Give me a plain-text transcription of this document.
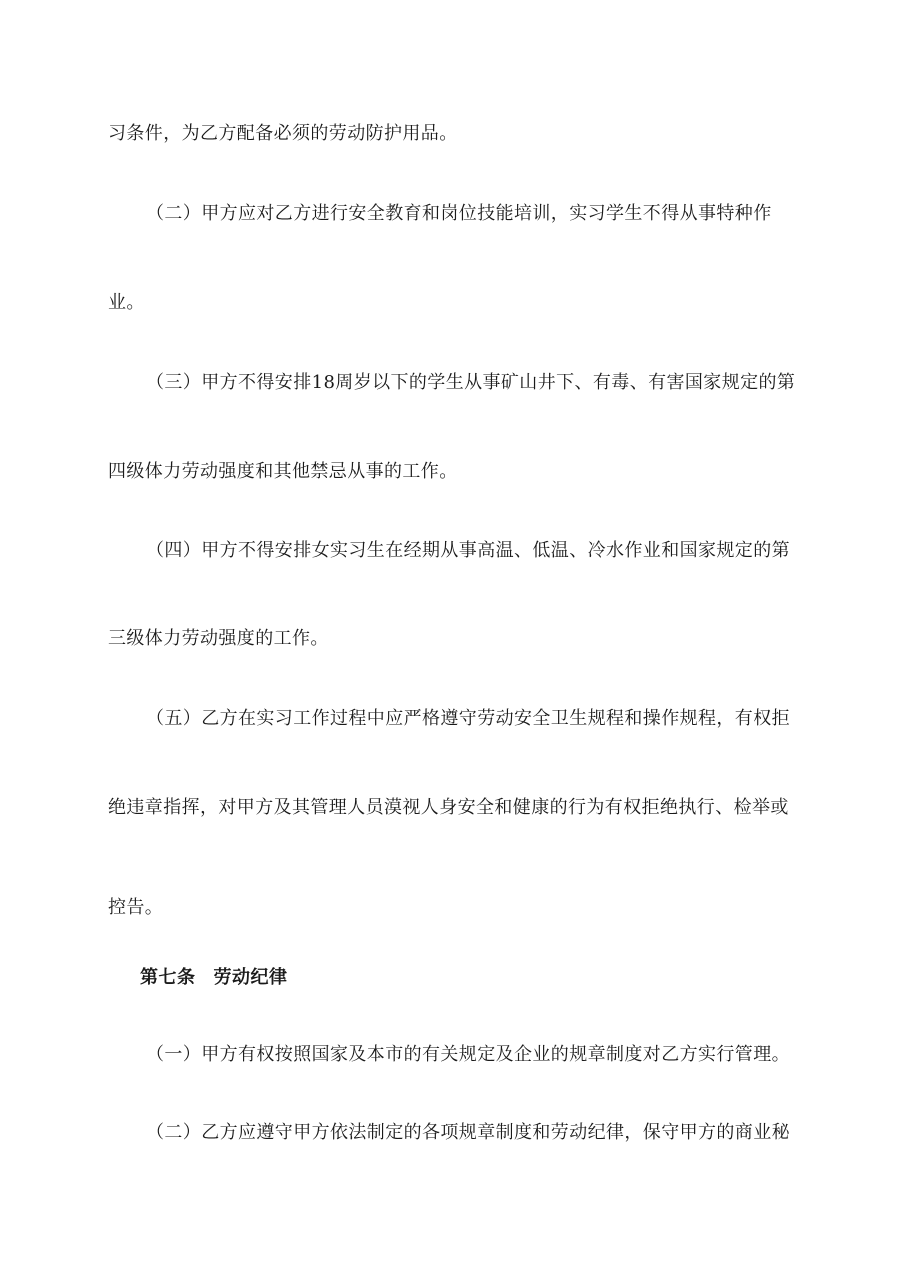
习条件，为乙方配备必须的劳动防护用品。
（二）甲方应对乙方进行安全教育和岗位技能培训，实习学生不得从事特种作
业。
（三）甲方不得安排18周岁以下的学生从事矿山井下、有毒、有害国家规定的第
四级体力劳动强度和其他禁忌从事的工作。
（四）甲方不得安排女实习生在经期从事高温、低温、冷水作业和国家规定的第
三级体力劳动强度的工作。
（五）乙方在实习工作过程中应严格遵守劳动安全卫生规程和操作规程，有权拒
绝违章指挥，对甲方及其管理人员漠视人身安全和健康的行为有权拒绝执行、检举或
控告。
第七条 劳动纪律
（一）甲方有权按照国家及本市的有关规定及企业的规章制度对乙方实行管理。
（二）乙方应遵守甲方依法制定的各项规章制度和劳动纪律，保守甲方的商业秘
